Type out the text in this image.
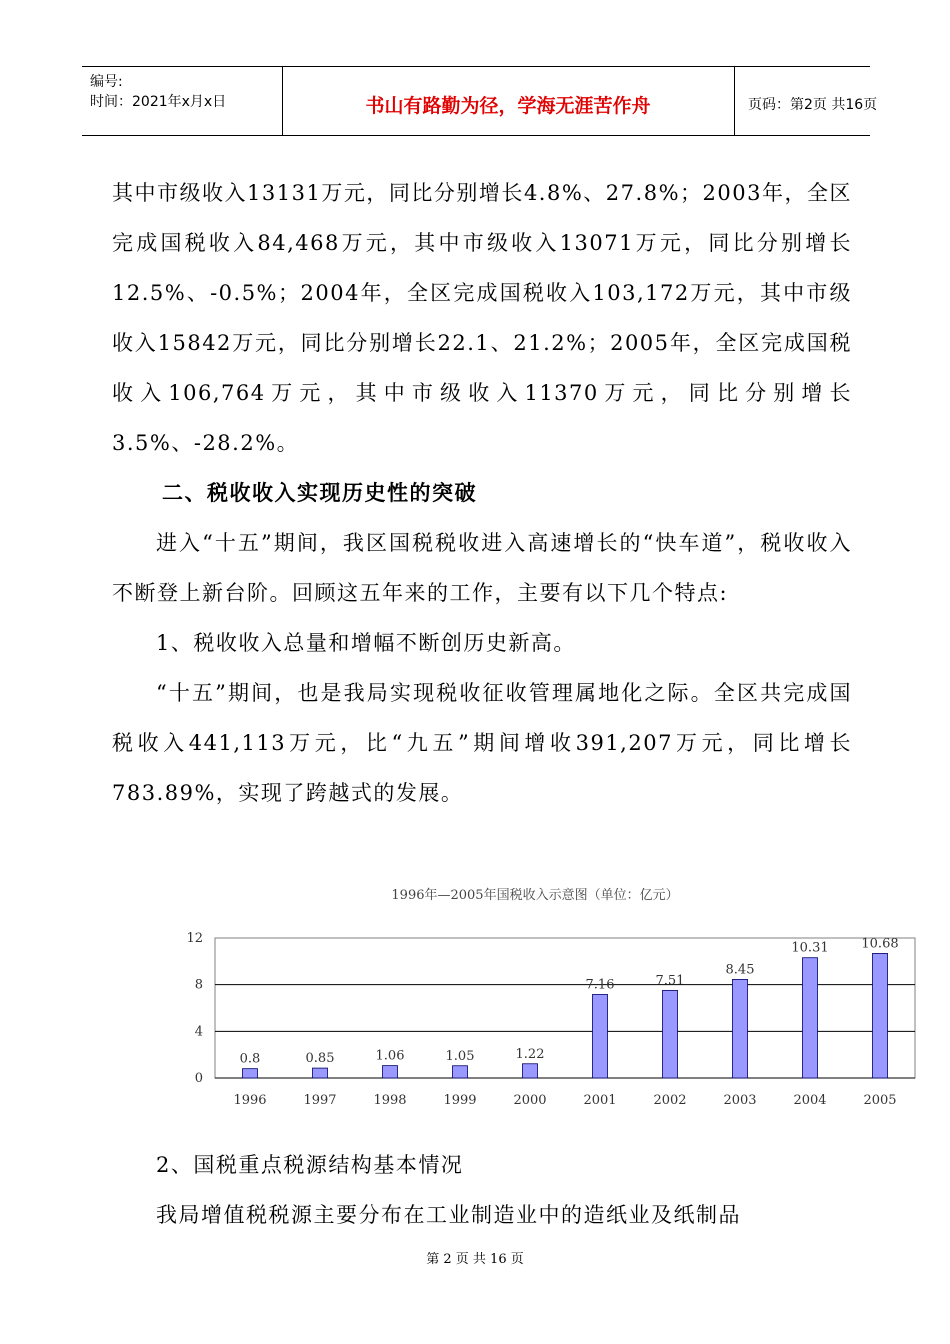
编号:
时间：2021年x月x日	书山有路勤为径，学海无涯苦作舟	页码：第2页 共16页

其中市级收入13131万元，同比分别增长4.8%、27.8%；2003年，全区完成国税收入84,468万元，其中市级收入13071万元，同比分别增长12.5%、-0.5%；2004年，全区完成国税收入103,172万元，其中市级收入15842万元，同比分别增长22.1、21.2%；2005年，全区完成国税收入106,764万元，其中市级收入11370万元，同比分别增长3.5%、-28.2%。

二、税收收入实现历史性的突破

进入“十五”期间，我区国税税收进入高速增长的“快车道”，税收收入不断登上新台阶。回顾这五年来的工作，主要有以下几个特点:

1、税收收入总量和增幅不断创历史新高。

“十五”期间，也是我局实现税收征收管理属地化之际。全区共完成国税收入441,113万元，比“九五”期间增收391,207万元，同比增长783.89%，实现了跨越式的发展。

1996年—2005年国税收入示意图（单位：亿元）
0.8	0.85	1.06	1.05	1.22
7.16	7.51
8.45
10.31	10.68
0
4
8
12
1996	1997	1998	1999	2000	2001	2002	2003	2004	2005

2、国税重点税源结构基本情况

我局增值税税源主要分布在工业制造业中的造纸业及纸制品

第 2 页 共 16 页
